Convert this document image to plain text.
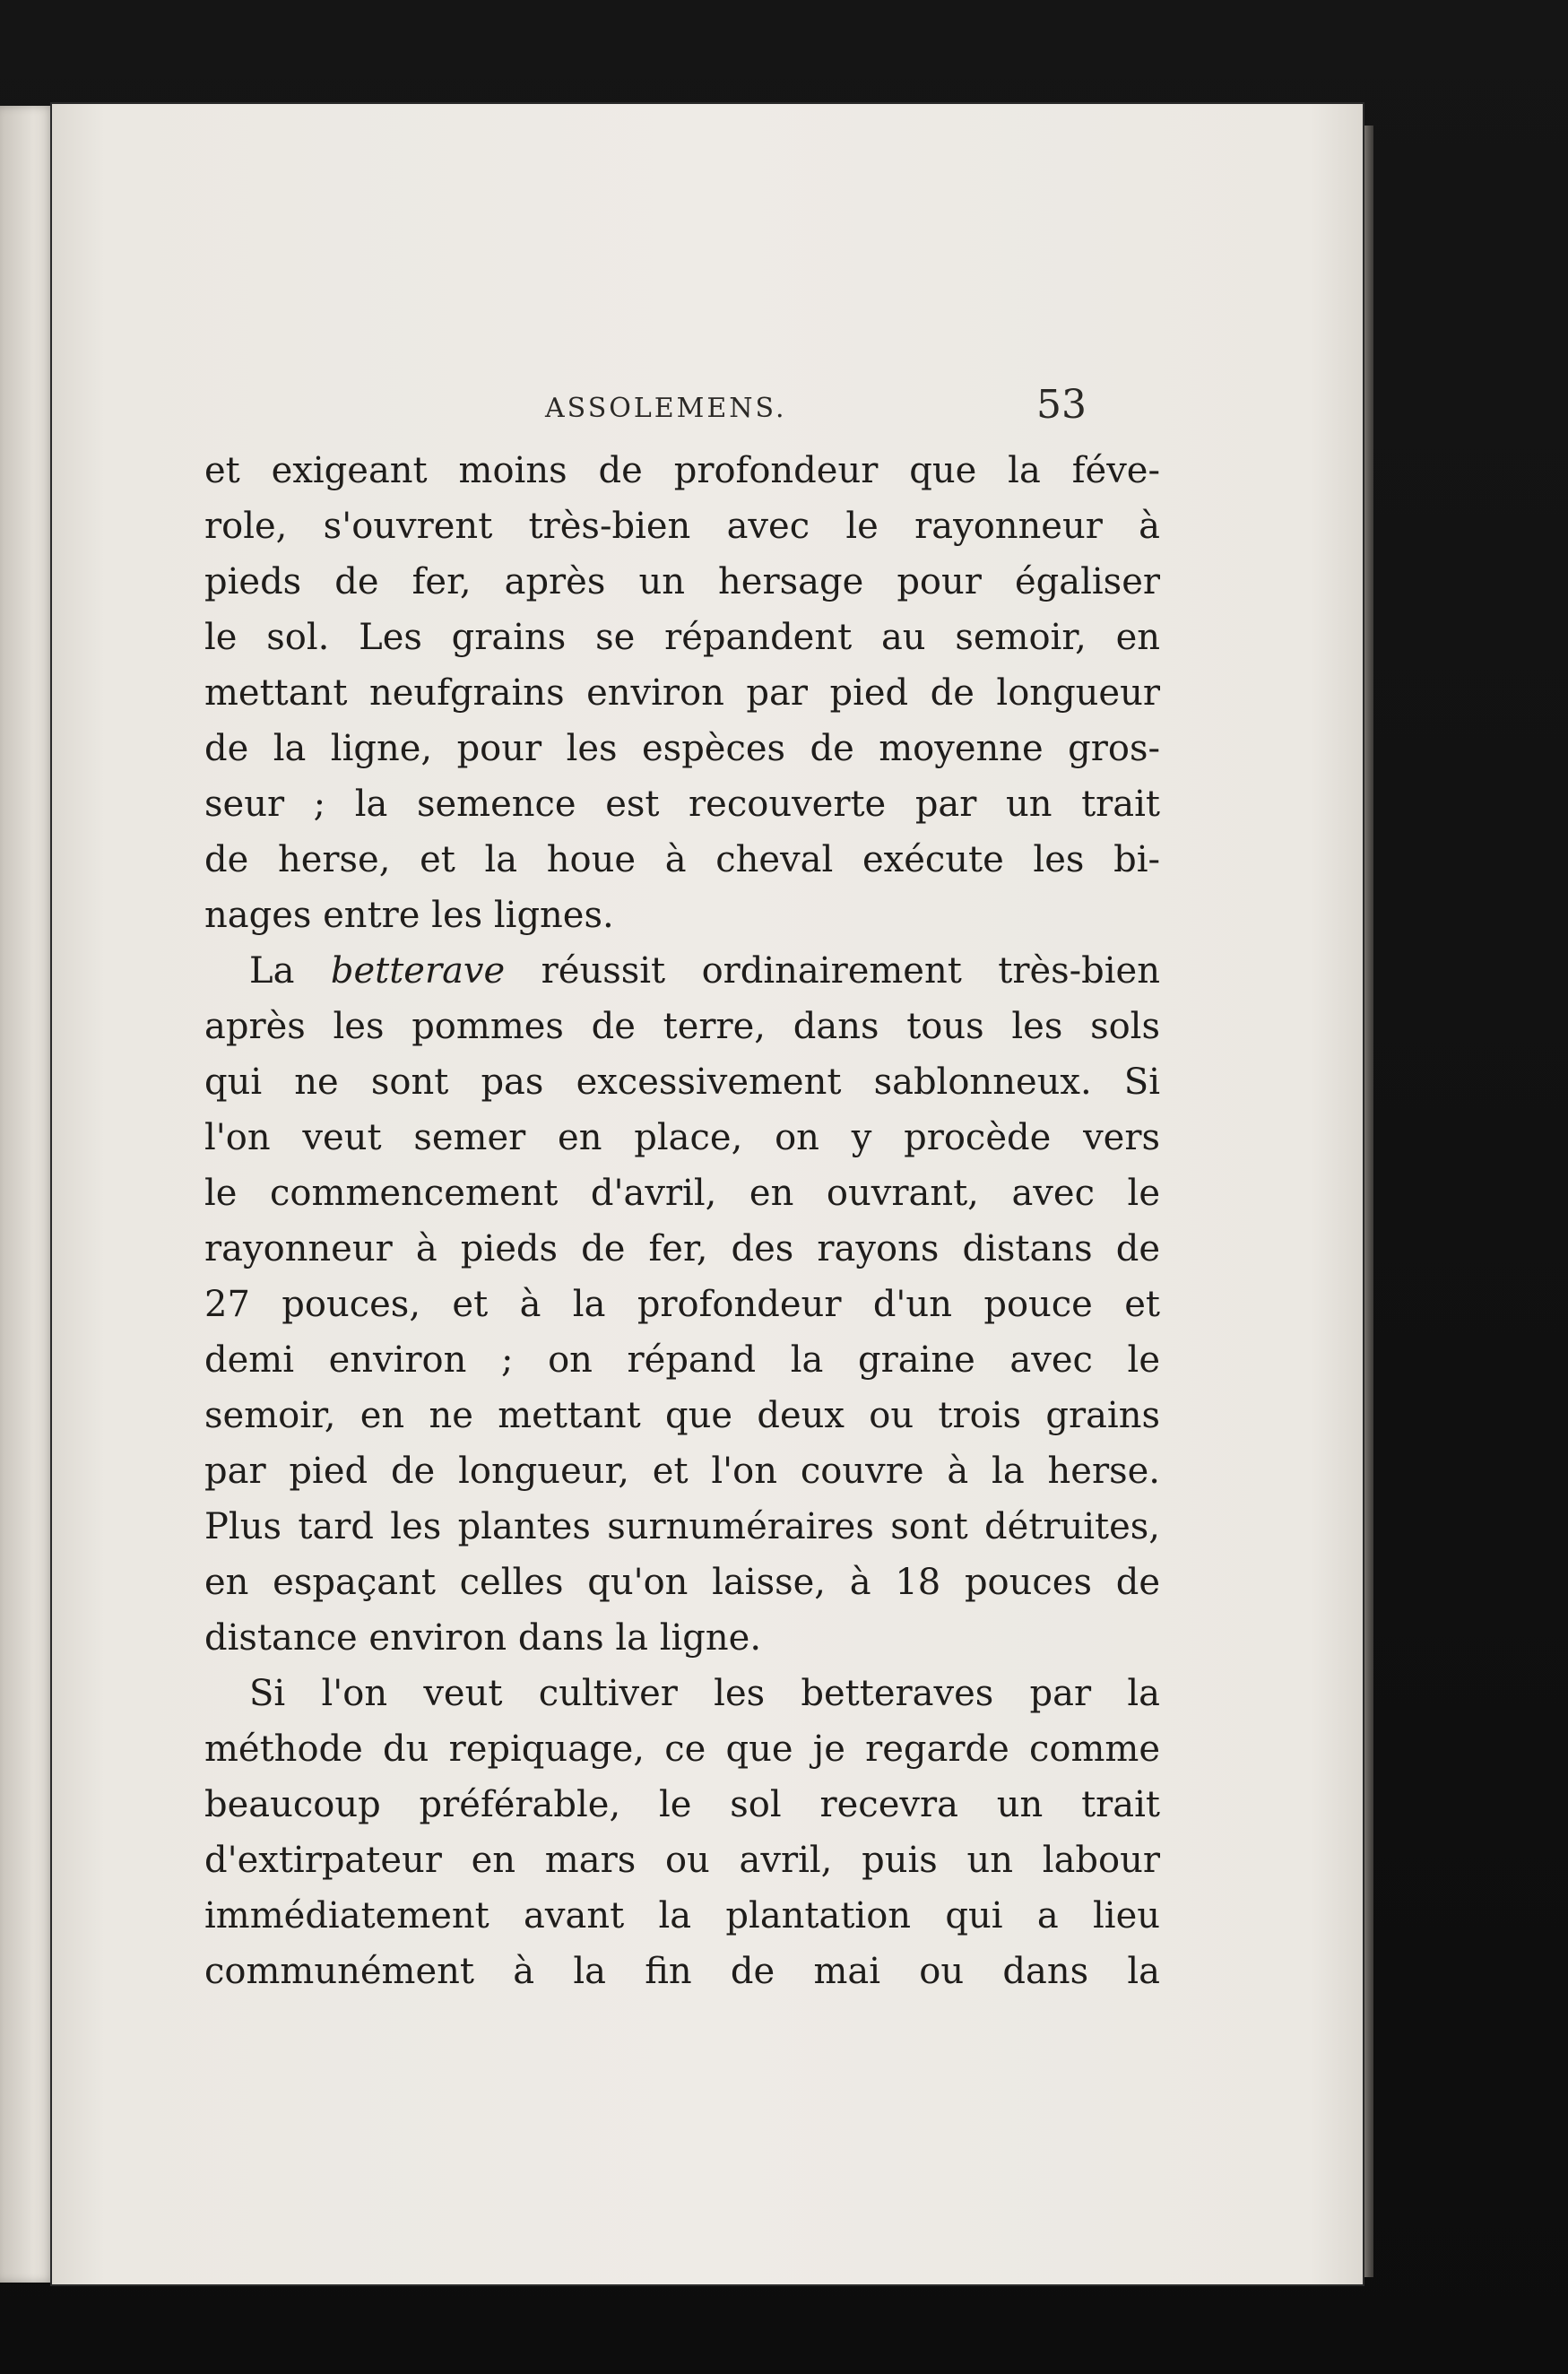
ASSOLEMENS.	53
et exigeant moins de profondeur que la féve-
role, s'ouvrent très-bien avec le rayonneur à
pieds de fer, après un hersage pour égaliser
le sol. Les grains se répandent au semoir, en
mettant neufgrains environ par pied de longueur
de la ligne, pour les espèces de moyenne gros-
seur ; la semence est recouverte par un trait
de herse, et la houe à cheval exécute les bi-
nages entre les lignes.
La betterave réussit ordinairement très-bien
après les pommes de terre, dans tous les sols
qui ne sont pas excessivement sablonneux. Si
l'on veut semer en place, on y procède vers
le commencement d'avril, en ouvrant, avec le
rayonneur à pieds de fer, des rayons distans de
27 pouces, et à la profondeur d'un pouce et
demi environ ; on répand la graine avec le
semoir, en ne mettant que deux ou trois grains
par pied de longueur, et l'on couvre à la herse.
Plus tard les plantes surnuméraires sont détruites,
en espaçant celles qu'on laisse, à 18 pouces de
distance environ dans la ligne.
Si l'on veut cultiver les betteraves par la
méthode du repiquage, ce que je regarde comme
beaucoup préférable, le sol recevra un trait
d'extirpateur en mars ou avril, puis un labour
immédiatement avant la plantation qui a lieu
communément à la fin de mai ou dans la
